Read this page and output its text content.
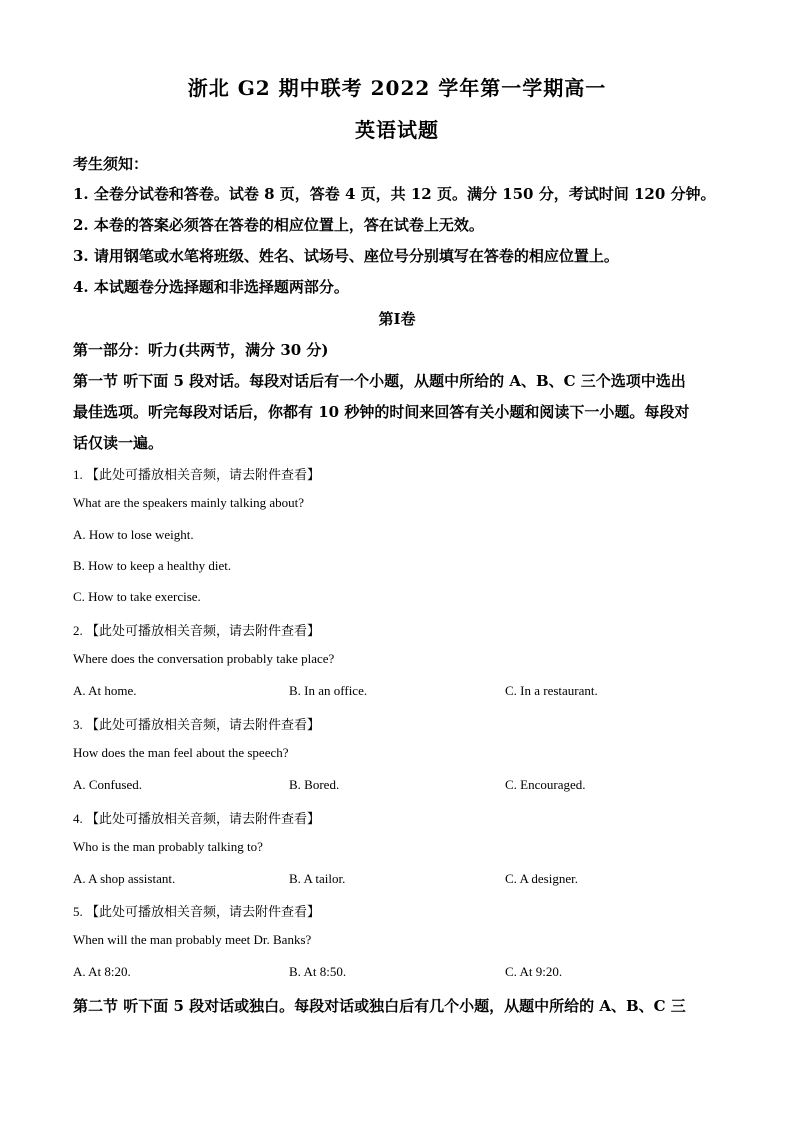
浙北 G2 期中联考 2022 学年第一学期高一
英语试题
考生须知：
1. 全卷分试卷和答卷。试卷 8 页，答卷 4 页，共 12 页。满分 150 分，考试时间 120 分钟。
2. 本卷的答案必须答在答卷的相应位置上，答在试卷上无效。
3. 请用钢笔或水笔将班级、姓名、试场号、座位号分别填写在答卷的相应位置上。
4. 本试题卷分选择题和非选择题两部分。
第Ⅰ卷
第一部分：听力(共两节，满分 30 分)
第一节 听下面 5 段对话。每段对话后有一个小题，从题中所给的 A、B、C 三个选项中选出
最佳选项。听完每段对话后，你都有 10 秒钟的时间来回答有关小题和阅读下一小题。每段对
话仅读一遍。
1. 【此处可播放相关音频，请去附件查看】
What are the speakers mainly talking about?
A. How to lose weight.
B. How to keep a healthy diet.
C. How to take exercise.
2. 【此处可播放相关音频，请去附件查看】
Where does the conversation probably take place?
A. At home.	B. In an office.	C. In a restaurant.
3. 【此处可播放相关音频，请去附件查看】
How does the man feel about the speech?
A. Confused.	B. Bored.	C. Encouraged.
4. 【此处可播放相关音频，请去附件查看】
Who is the man probably talking to?
A. A shop assistant.	B. A tailor.	C. A designer.
5. 【此处可播放相关音频，请去附件查看】
When will the man probably meet Dr. Banks?
A. At 8:20.	B. At 8:50.	C. At 9:20.
第二节 听下面 5 段对话或独白。每段对话或独白后有几个小题，从题中所给的 A、B、C 三
